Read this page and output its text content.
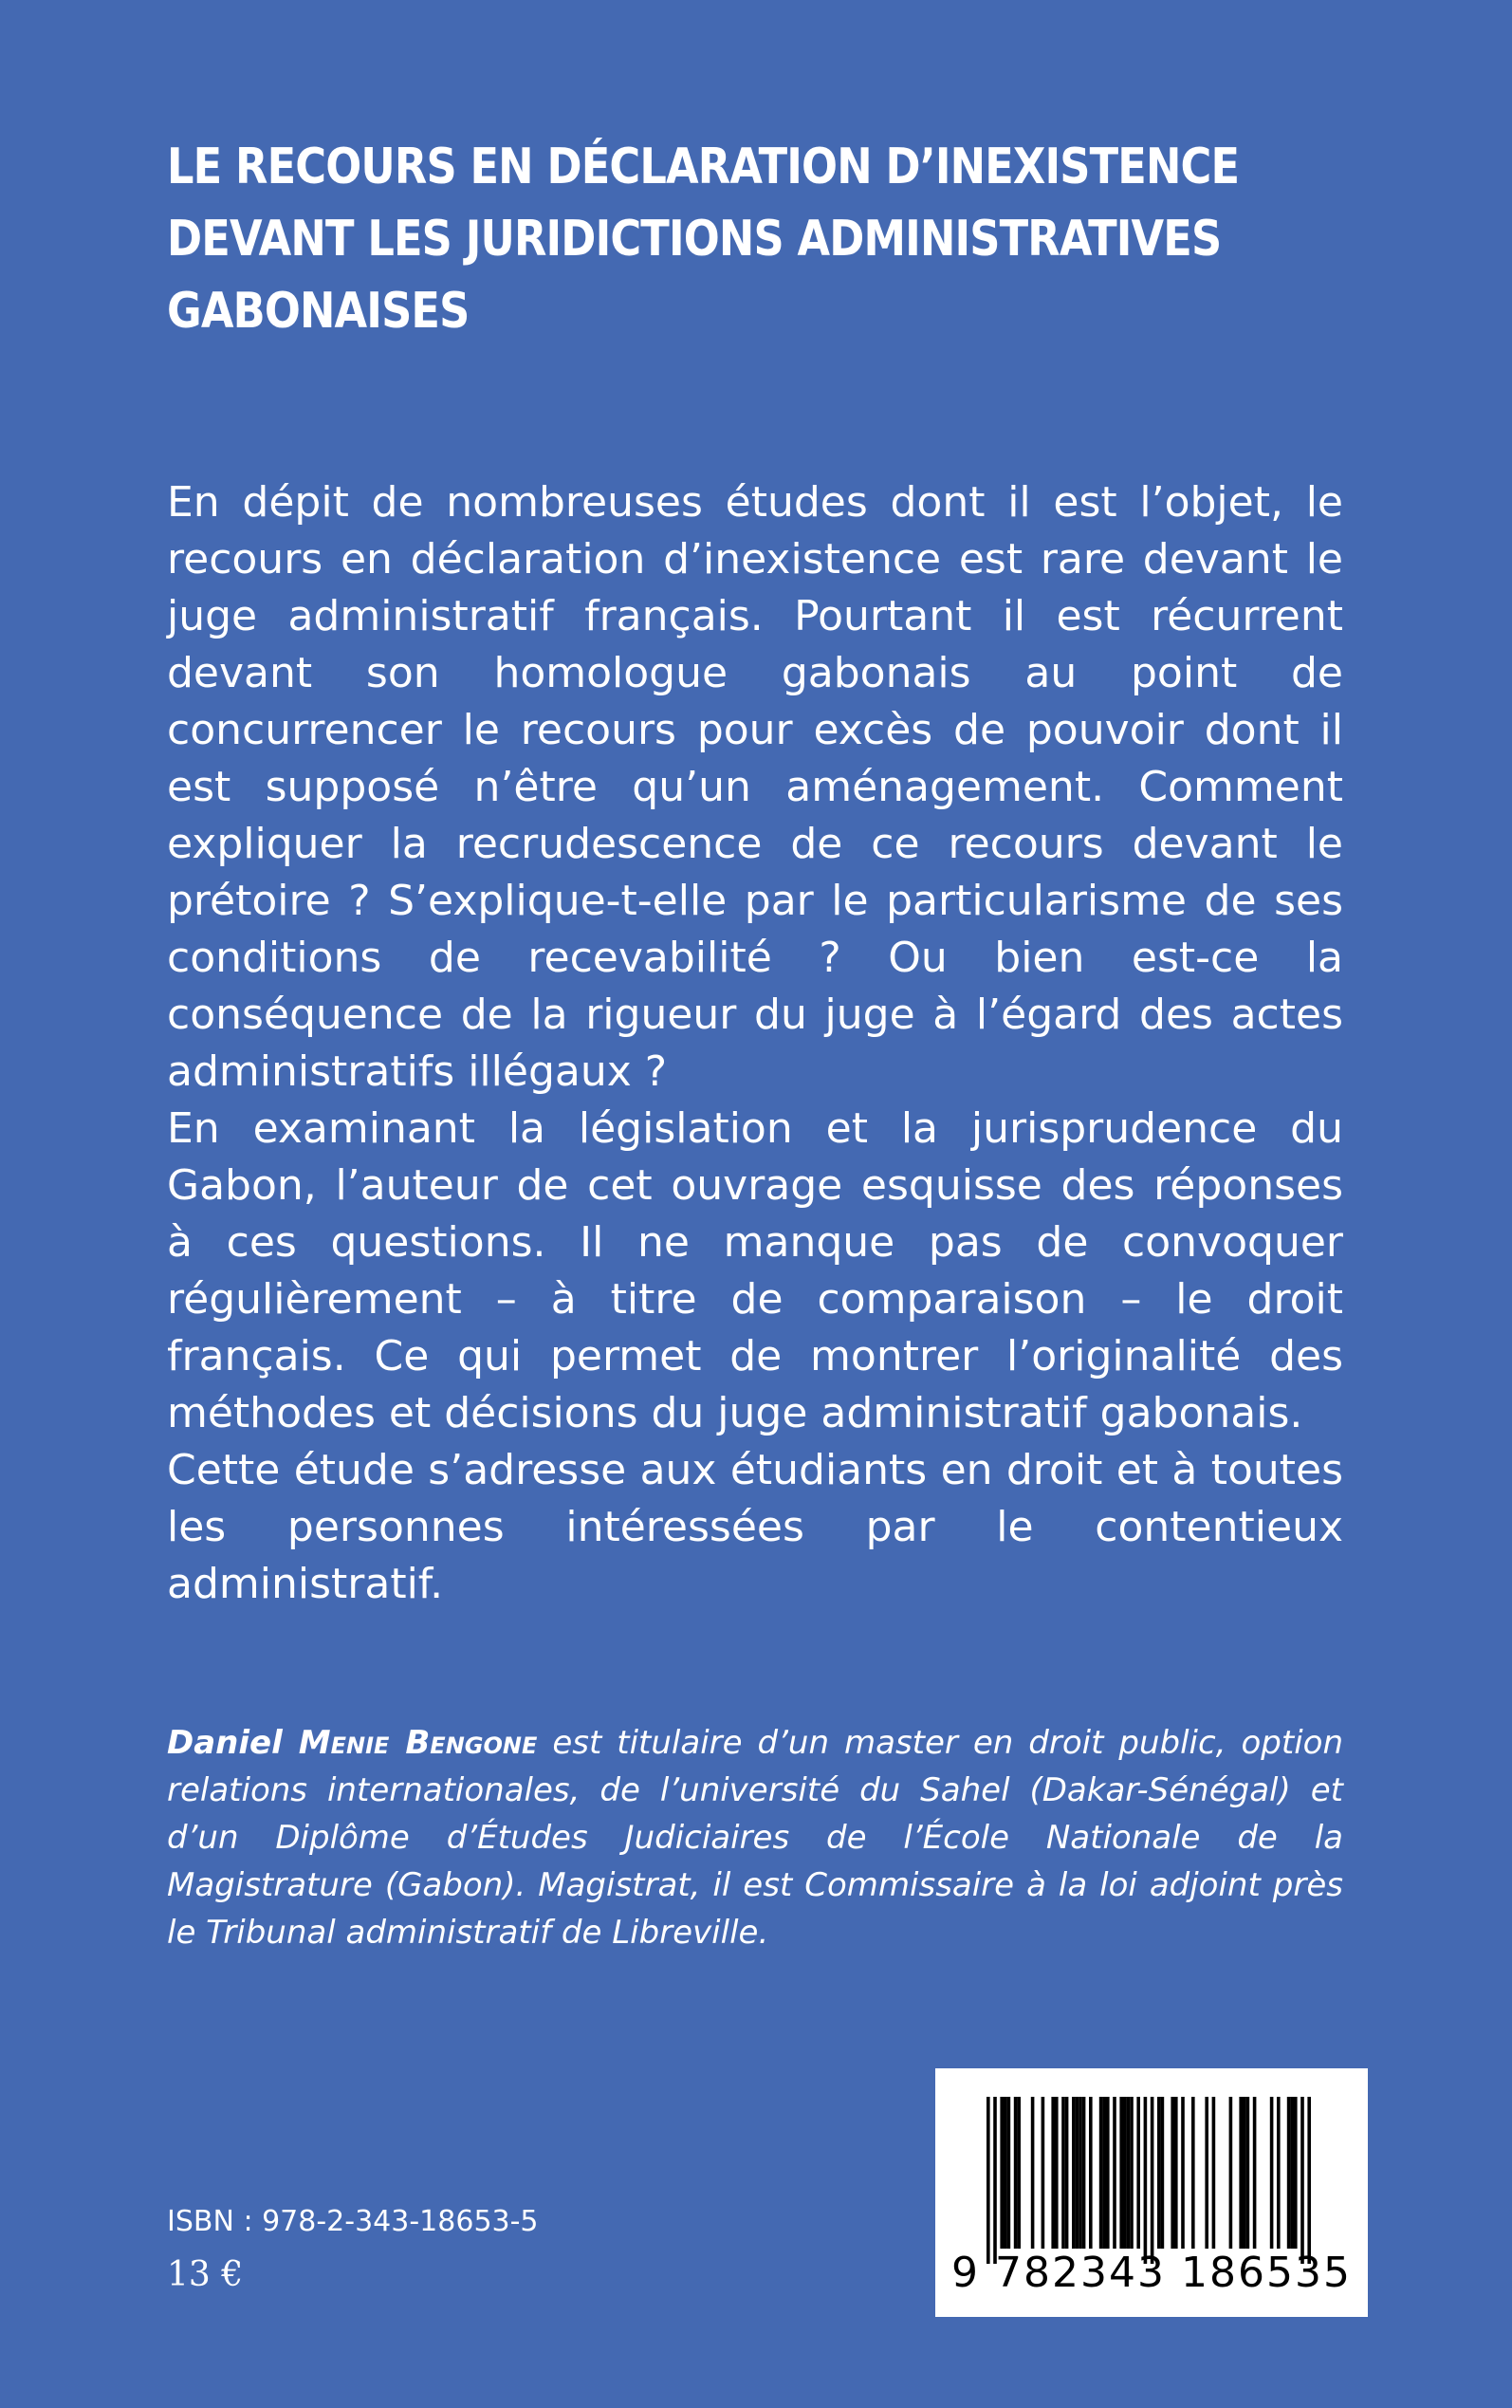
LE RECOURS EN DÉCLARATION D’INEXISTENCE
DEVANT LES JURIDICTIONS ADMINISTRATIVES
GABONAISES

En dépit de nombreuses études dont il est l’objet, le recours en déclaration d’inexistence est rare devant le juge administratif français. Pourtant il est récurrent devant son homologue gabonais au point de concurrencer le recours pour excès de pouvoir dont il est supposé n’être qu’un aménagement. Comment expliquer la recrudescence de ce recours devant le prétoire ? S’explique-t-elle par le particularisme de ses conditions de recevabilité ? Ou bien est-ce la conséquence de la rigueur du juge à l’égard des actes administratifs illégaux ?

En examinant la législation et la jurisprudence du Gabon, l’auteur de cet ouvrage esquisse des réponses à ces questions. Il ne manque pas de convoquer régulièrement – à titre de comparaison – le droit français. Ce qui permet de montrer l’originalité des méthodes et décisions du juge administratif gabonais.

Cette étude s’adresse aux étudiants en droit et à toutes les personnes intéressées par le contentieux administratif.

Daniel Menie Bengone est titulaire d’un master en droit public, option relations internationales, de l’université du Sahel (Dakar-Sénégal) et d’un Diplôme d’Études Judiciaires de l’École Nationale de la Magistrature (Gabon). Magistrat, il est Commissaire à la loi adjoint près le Tribunal administratif de Libreville.
ISBN : 978-2-343-18653-5
13 €	9 782343 186535
